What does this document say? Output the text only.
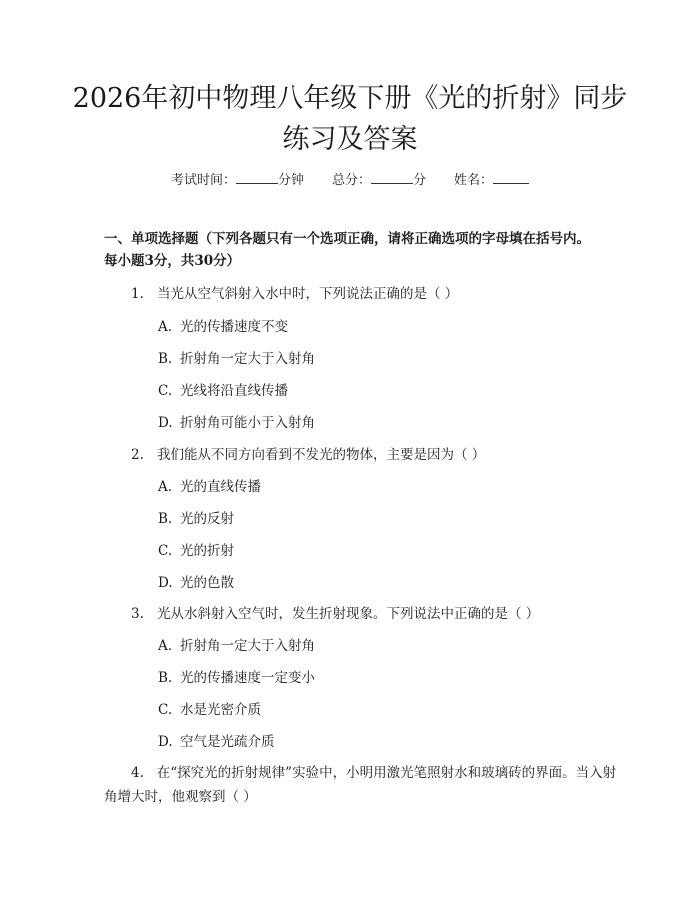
2026年初中物理八年级下册《光的折射》同步练习及答案
考试时间：	分钟 总分：	分 姓名：

一、单项选择题（下列各题只有一个选项正确，请将正确选项的字母填在括号内。每小题3分，共30分）

1. 当光从空气斜射入水中时，下列说法正确的是（ ）
A. 光的传播速度不变
B. 折射角一定大于入射角
C. 光线将沿直线传播
D. 折射角可能小于入射角
2. 我们能从不同方向看到不发光的物体，主要是因为（ ）
A. 光的直线传播
B. 光的反射
C. 光的折射
D. 光的色散
3. 光从水斜射入空气时，发生折射现象。下列说法中正确的是（ ）
A. 折射角一定大于入射角
B. 光的传播速度一定变小
C. 水是光密介质
D. 空气是光疏介质

4. 在“探究光的折射规律”实验中，小明用激光笔照射水和玻璃砖的界面。当入射角增大时，他观察到（ ）
